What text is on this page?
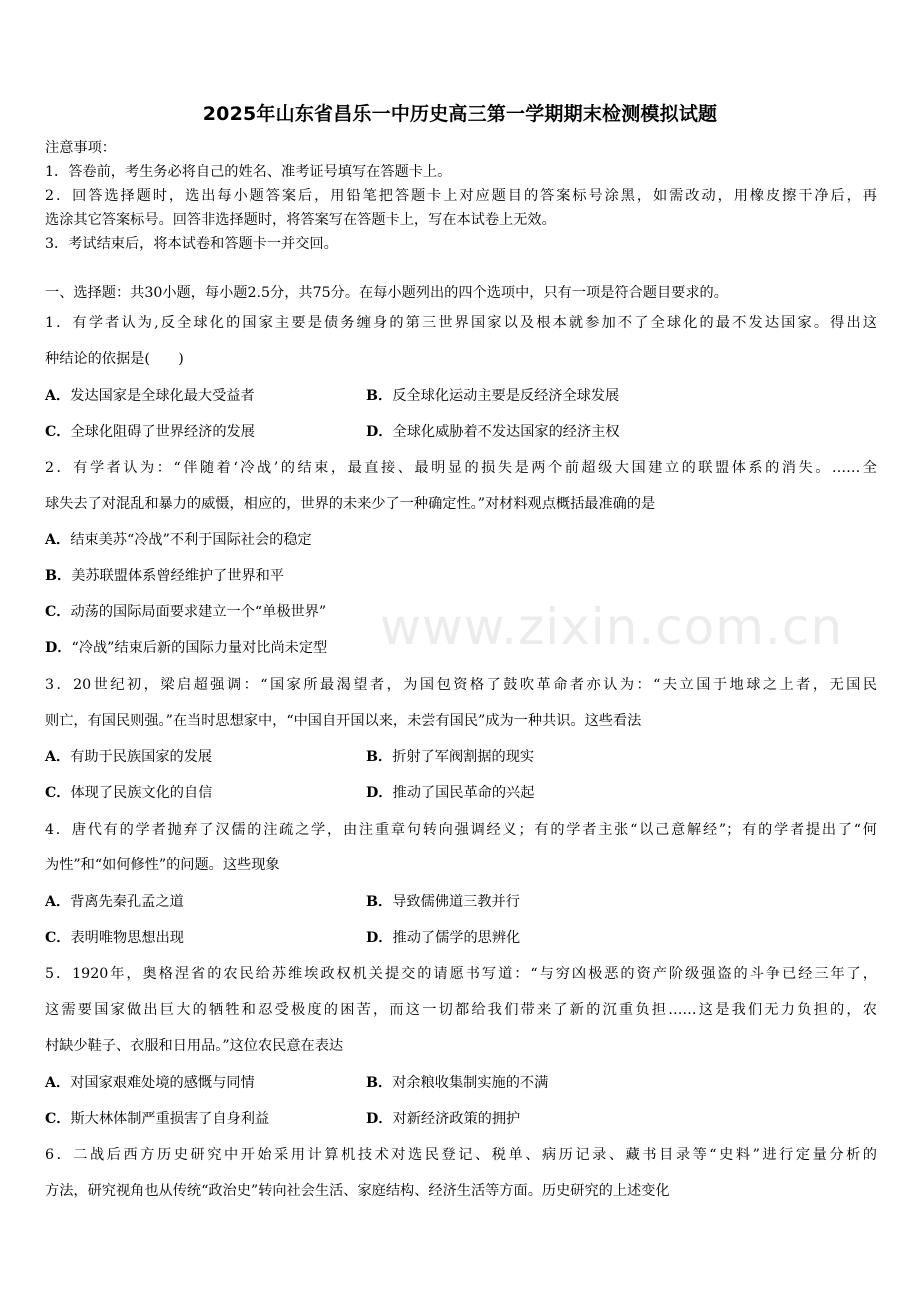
2025年山东省昌乐一中历史高三第一学期期末检测模拟试题
注意事项：
1．答卷前，考生务必将自己的姓名、准考证号填写在答题卡上。
2．回答选择题时，选出每小题答案后，用铅笔把答题卡上对应题目的答案标号涂黑，如需改动，用橡皮擦干净后，再
选涂其它答案标号。回答非选择题时，将答案写在答题卡上，写在本试卷上无效。
3．考试结束后，将本试卷和答题卡一并交回。
一、选择题：共30小题，每小题2.5分，共75分。在每小题列出的四个选项中，只有一项是符合题目要求的。
1．有学者认为,反全球化的国家主要是债务缠身的第三世界国家以及根本就参加不了全球化的最不发达国家。得出这
种结论的依据是(　　)
A．发达国家是全球化最大受益者	B．反全球化运动主要是反经济全球发展
C．全球化阻碍了世界经济的发展	D．全球化威胁着不发达国家的经济主权
2．有学者认为：“伴随着‘冷战’的结束，最直接、最明显的损失是两个前超级大国建立的联盟体系的消失。……全
球失去了对混乱和暴力的威慑，相应的，世界的未来少了一种确定性。”对材料观点概括最准确的是
A．结束美苏“冷战”不利于国际社会的稳定
B．美苏联盟体系曾经维护了世界和平
C．动荡的国际局面要求建立一个“单极世界”
D．“冷战”结束后新的国际力量对比尚未定型
3．20世纪初，梁启超强调：“国家所最渴望者，为国包资格了鼓吹革命者亦认为：“夫立国于地球之上者，无国民
则亡，有国民则强。”在当时思想家中，“中国自开国以来，未尝有国民”成为一种共识。这些看法
A．有助于民族国家的发展	B．折射了军阀割据的现实
C．体现了民族文化的自信	D．推动了国民革命的兴起
4．唐代有的学者抛弃了汉儒的注疏之学，由注重章句转向强调经义；有的学者主张“以己意解经”；有的学者提出了“何
为性”和“如何修性”的问题。这些现象
A．背离先秦孔孟之道	B．导致儒佛道三教并行
C．表明唯物思想出现	D．推动了儒学的思辨化
5．1920年，奥格涅省的农民给苏维埃政权机关提交的请愿书写道：“与穷凶极恶的资产阶级强盗的斗争已经三年了，
这需要国家做出巨大的牺牲和忍受极度的困苦，而这一切都给我们带来了新的沉重负担……这是我们无力负担的，农
村缺少鞋子、衣服和日用品。”这位农民意在表达
A．对国家艰难处境的感慨与同情	B．对余粮收集制实施的不满
C．斯大林体制严重损害了自身利益	D．对新经济政策的拥护
6．二战后西方历史研究中开始采用计算机技术对选民登记、税单、病历记录、藏书目录等“史料”进行定量分析的
方法，研究视角也从传统“政治史”转向社会生活、家庭结构、经济生活等方面。历史研究的上述变化
www.zixin.com.cn
